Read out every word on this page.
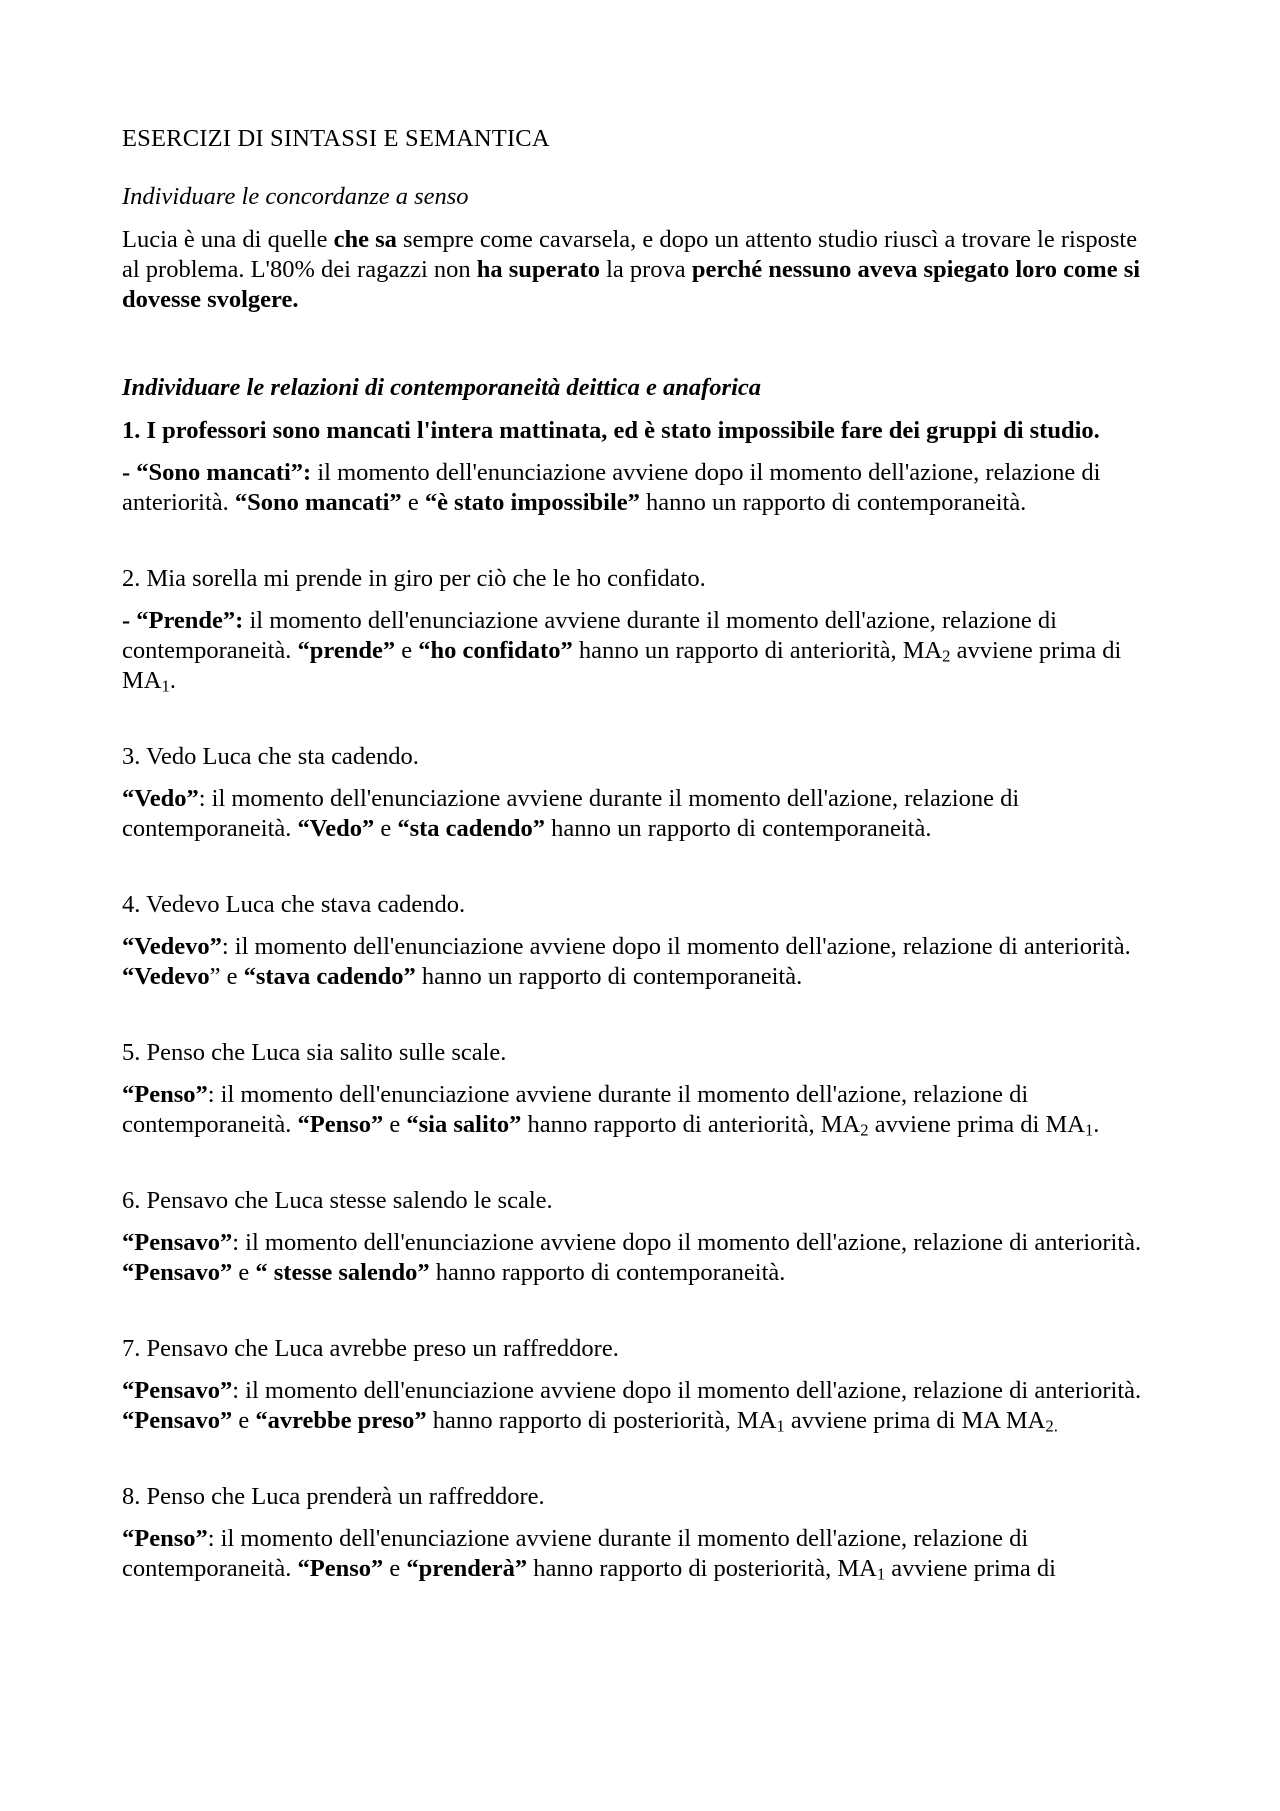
ESERCIZI DI SINTASSI E SEMANTICA

Individuare le concordanze a senso

Lucia è una di quelle che sa sempre come cavarsela, e dopo un attento studio riuscì a trovare le risposte al problema. L'80% dei ragazzi non ha superato la prova perché nessuno aveva spiegato loro come si dovesse svolgere.

Individuare le relazioni di contemporaneità deittica e anaforica

1. I professori sono mancati l'intera mattinata, ed è stato impossibile fare dei gruppi di studio.

- “Sono mancati”: il momento dell'enunciazione avviene dopo il momento dell'azione, relazione di anteriorità. “Sono mancati” e “è stato impossibile” hanno un rapporto di contemporaneità.

2. Mia sorella mi prende in giro per ciò che le ho confidato.

- “Prende”: il momento dell'enunciazione avviene durante il momento dell'azione, relazione di contemporaneità. “prende” e “ho confidato” hanno un rapporto di anteriorità, $MA_2$ avviene prima di $MA_1$.

3. Vedo Luca che sta cadendo.

“Vedo”: il momento dell'enunciazione avviene durante il momento dell'azione, relazione di contemporaneità. “Vedo” e “sta cadendo” hanno un rapporto di contemporaneità.

4. Vedevo Luca che stava cadendo.

“Vedevo”: il momento dell'enunciazione avviene dopo il momento dell'azione, relazione di anteriorità. “Vedevo” e “stava cadendo” hanno un rapporto di contemporaneità.

5. Penso che Luca sia salito sulle scale.

“Penso”: il momento dell'enunciazione avviene durante il momento dell'azione, relazione di contemporaneità. “Penso” e “sia salito” hanno rapporto di anteriorità, $MA_2$ avviene prima di $MA_1$.

6. Pensavo che Luca stesse salendo le scale.

“Pensavo”: il momento dell'enunciazione avviene dopo il momento dell'azione, relazione di anteriorità. “Pensavo” e “ stesse salendo” hanno rapporto di contemporaneità.

7. Pensavo che Luca avrebbe preso un raffreddore.

“Pensavo”: il momento dell'enunciazione avviene dopo il momento dell'azione, relazione di anteriorità. “Pensavo” e “avrebbe preso” hanno rapporto di posteriorità, $MA_1$ avviene prima di MA $MA_{2.}$

8. Penso che Luca prenderà un raffreddore.

“Penso”: il momento dell'enunciazione avviene durante il momento dell'azione, relazione di contemporaneità. “Penso” e “prenderà” hanno rapporto di posteriorità, $MA_1$ avviene prima di
